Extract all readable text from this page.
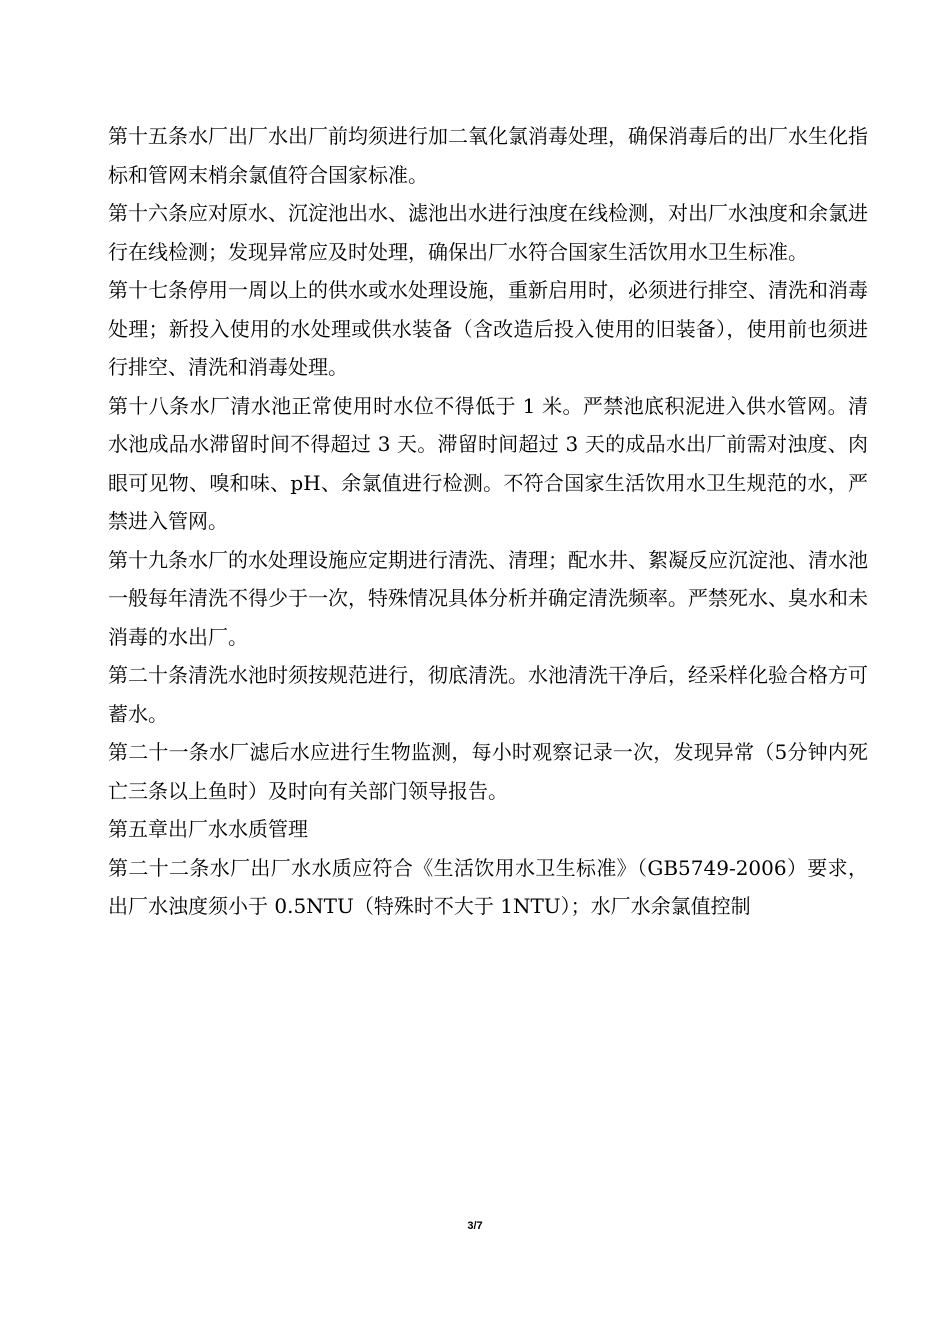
第十五条水厂出厂水出厂前均须进行加二氧化氯消毒处理，确保消毒后的出厂水生化指标和管网末梢余氯值符合国家标准。

第十六条应对原水、沉淀池出水、滤池出水进行浊度在线检测，对出厂水浊度和余氯进行在线检测；发现异常应及时处理，确保出厂水符合国家生活饮用水卫生标准。

第十七条停用一周以上的供水或水处理设施，重新启用时，必须进行排空、清洗和消毒处理；新投入使用的水处理或供水装备（含改造后投入使用的旧装备），使用前也须进行排空、清洗和消毒处理。

第十八条水厂清水池正常使用时水位不得低于 1 米。严禁池底积泥进入供水管网。清水池成品水滞留时间不得超过 3 天。滞留时间超过 3 天的成品水出厂前需对浊度、肉眼可见物、嗅和味、pH、余氯值进行检测。不符合国家生活饮用水卫生规范的水，严禁进入管网。

第十九条水厂的水处理设施应定期进行清洗、清理；配水井、絮凝反应沉淀池、清水池一般每年清洗不得少于一次，特殊情况具体分析并确定清洗频率。严禁死水、臭水和未消毒的水出厂。

第二十条清洗水池时须按规范进行，彻底清洗。水池清洗干净后，经采样化验合格方可蓄水。

第二十一条水厂滤后水应进行生物监测，每小时观察记录一次，发现异常（5分钟内死亡三条以上鱼时）及时向有关部门领导报告。

第五章出厂水水质管理

第二十二条水厂出厂水水质应符合《生活饮用水卫生标准》（GB5749-2006）要求，出厂水浊度须小于 0.5NTU（特殊时不大于 1NTU）；水厂水余氯值控制

3/7
